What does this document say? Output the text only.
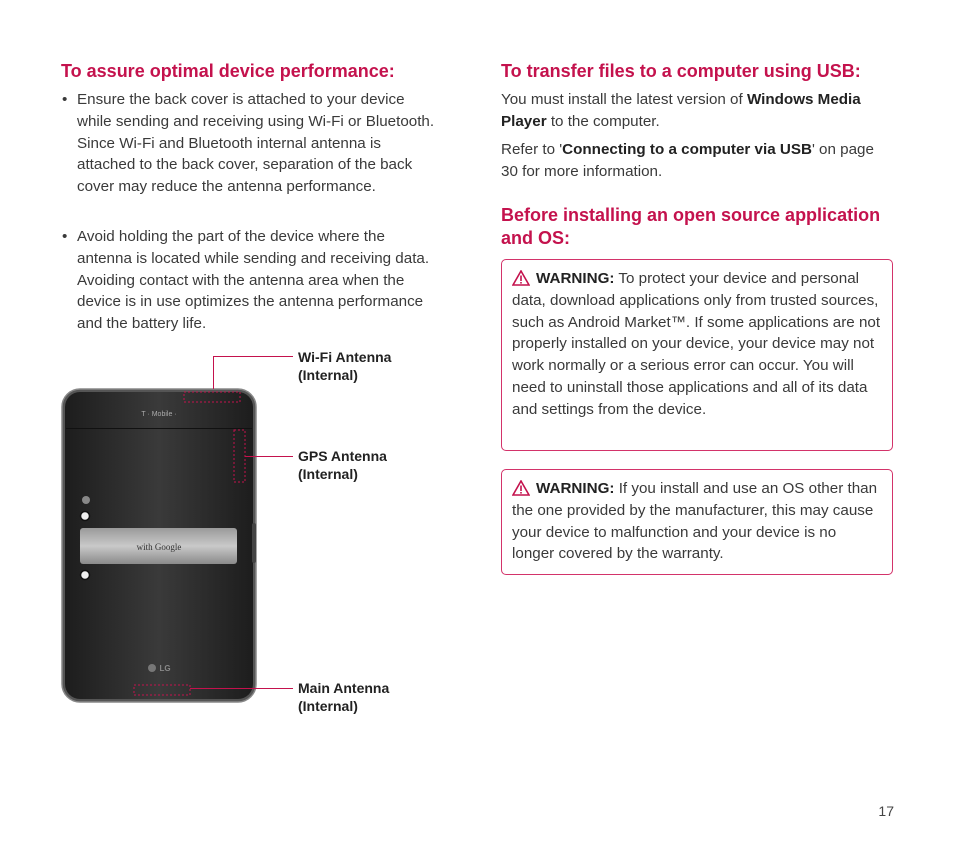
To assure optimal device performance:
• Ensure the back cover is attached to your device while sending and receiving using Wi-Fi or Bluetooth. Since Wi-Fi and Bluetooth internal antenna is attached to the back cover, separation of the back cover may reduce the antenna performance.
• Avoid holding the part of the device where the antenna is located while sending and receiving data. Avoiding contact with the antenna area when the device is in use optimizes the antenna performance and the battery life.
T · Mobile ·
with Google
LG
Wi-Fi Antenna
(Internal)
GPS Antenna
(Internal)
Main Antenna
(Internal)
To transfer files to a computer using USB:

You must install the latest version of Windows Media Player to the computer.

Refer to 'Connecting to a computer via USB' on page 30 for more information.

Before installing an open source application and OS:
WARNING: To protect your device and personal data, download applications only from trusted sources, such as Android Market™. If some applications are not properly installed on your device, your device may not work normally or a serious error can occur. You will need to uninstall those applications and all of its data and settings from the device.
WARNING: If you install and use an OS other than the one provided by the manufacturer, this may cause your device to malfunction and your device is no longer covered by the warranty.
17
